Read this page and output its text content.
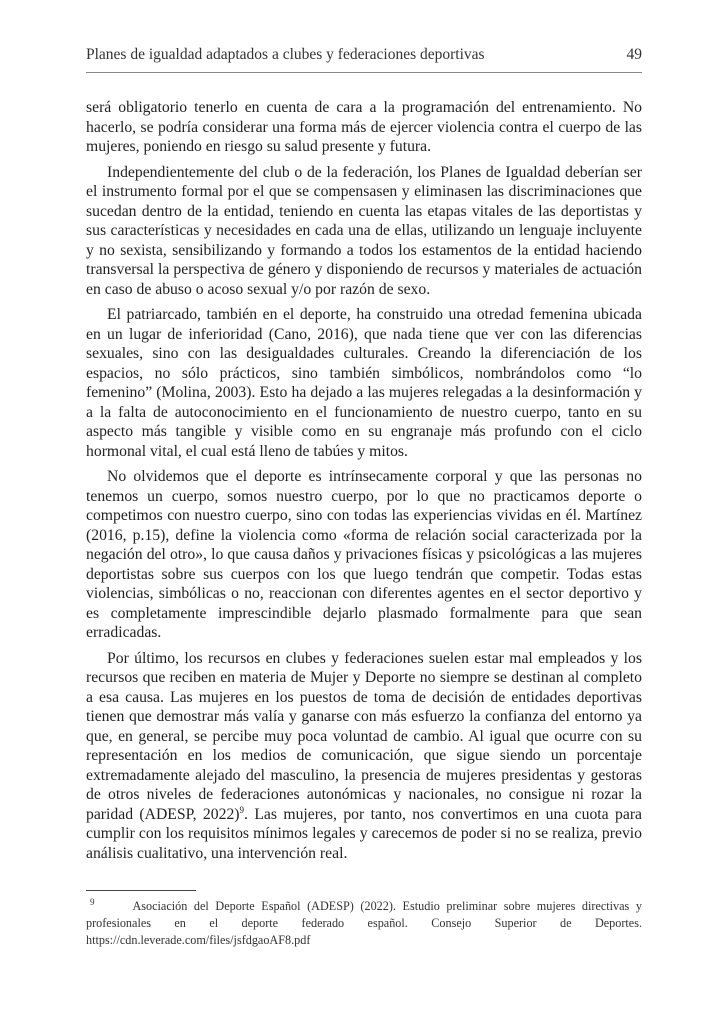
Planes de igualdad adaptados a clubes y federaciones deportivas	49

será obligatorio tenerlo en cuenta de cara a la programación del entrenamiento. No hacerlo, se podría considerar una forma más de ejercer violencia contra el cuerpo de las mujeres, poniendo en riesgo su salud presente y futura.

Independientemente del club o de la federación, los Planes de Igualdad deberían ser el instrumento formal por el que se compensasen y eliminasen las discriminaciones que sucedan dentro de la entidad, teniendo en cuenta las etapas vitales de las deportistas y sus características y necesidades en cada una de ellas, utilizando un lenguaje incluyente y no sexista, sensibilizando y formando a todos los estamentos de la entidad haciendo transversal la perspectiva de género y disponiendo de recursos y materiales de actuación en caso de abuso o acoso sexual y/o por razón de sexo.

El patriarcado, también en el deporte, ha construido una otredad femenina ubicada en un lugar de inferioridad (Cano, 2016), que nada tiene que ver con las diferencias sexuales, sino con las desigualdades culturales. Creando la diferenciación de los espacios, no sólo prácticos, sino también simbólicos, nombrándolos como “lo femenino” (Molina, 2003). Esto ha dejado a las mujeres relegadas a la desinformación y a la falta de autoconocimiento en el funcionamiento de nuestro cuerpo, tanto en su aspecto más tangible y visible como en su engranaje más profundo con el ciclo hormonal vital, el cual está lleno de tabúes y mitos.

No olvidemos que el deporte es intrínsecamente corporal y que las personas no tenemos un cuerpo, somos nuestro cuerpo, por lo que no practicamos deporte o competimos con nuestro cuerpo, sino con todas las experiencias vividas en él. Martínez (2016, p.15), define la violencia como «forma de relación social caracterizada por la negación del otro», lo que causa daños y privaciones físicas y psicológicas a las mujeres deportistas sobre sus cuerpos con los que luego tendrán que competir. Todas estas violencias, simbólicas o no, reaccionan con diferentes agentes en el sector deportivo y es completamente imprescindible dejarlo plasmado formalmente para que sean erradicadas.

Por último, los recursos en clubes y federaciones suelen estar mal empleados y los recursos que reciben en materia de Mujer y Deporte no siempre se destinan al completo a esa causa. Las mujeres en los puestos de toma de decisión de entidades deportivas tienen que demostrar más valía y ganarse con más esfuerzo la confianza del entorno ya que, en general, se percibe muy poca voluntad de cambio. Al igual que ocurre con su representación en los medios de comunicación, que sigue siendo un porcentaje extremadamente alejado del masculino, la presencia de mujeres presidentas y gestoras de otros niveles de federaciones autonómicas y nacionales, no consigue ni rozar la paridad (ADESP, 2022)$^9$. Las mujeres, por tanto, nos convertimos en una cuota para cumplir con los requisitos mínimos legales y carecemos de poder si no se realiza, previo análisis cualitativo, una intervención real.

$^9$	Asociación del Deporte Español (ADESP) (2022). Estudio preliminar sobre mujeres directivas y profesionales en el deporte federado español. Consejo Superior de Deportes. https://cdn.leverade.com/files/jsfdgaoAF8.pdf
